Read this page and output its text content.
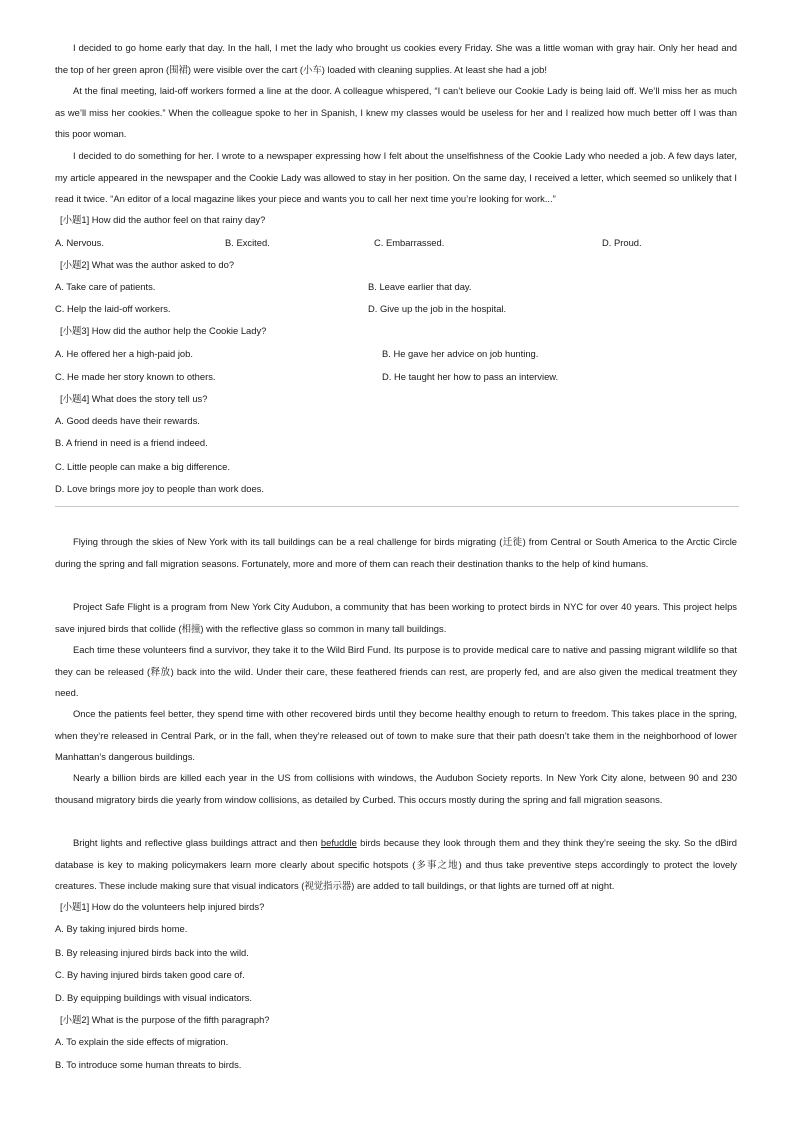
I decided to go home early that day. In the hall, I met the lady who brought us cookies every Friday. She was a little woman with gray hair. Only her head and the top of her green apron (围裙) were visible over the cart (小车) loaded with cleaning supplies. At least she had a job!

At the final meeting, laid-off workers formed a line at the door. A colleague whispered, “I can’t believe our Cookie Lady is being laid off. We’ll miss her as much as we’ll miss her cookies.” When the colleague spoke to her in Spanish, I knew my classes would be useless for her and I realized how much better off I was than this poor woman.

I decided to do something for her. I wrote to a newspaper expressing how I felt about the unselfishness of the Cookie Lady who needed a job. A few days later, my article appeared in the newspaper and the Cookie Lady was allowed to stay in her position. On the same day, I received a letter, which seemed so unlikely that I read it twice. “An editor of a local magazine likes your piece and wants you to call her next time you’re looking for work...”

[小题1] How did the author feel on that rainy day?
A. Nervous.	B. Excited.	C. Embarrassed.	D. Proud.
[小题2] What was the author asked to do?
A. Take care of patients.	B. Leave earlier that day.
C. Help the laid-off workers.	D. Give up the job in the hospital.
[小题3] How did the author help the Cookie Lady?
A. He offered her a high-paid job.	B. He gave her advice on job hunting.
C. He made her story known to others.	D. He taught her how to pass an interview.
[小题4] What does the story tell us?
A. Good deeds have their rewards.
B. A friend in need is a friend indeed.
C. Little people can make a big difference.
D. Love brings more joy to people than work does.

Flying through the skies of New York with its tall buildings can be a real challenge for birds migrating (迁徙) from Central or South America to the Arctic Circle during the spring and fall migration seasons. Fortunately, more and more of them can reach their destination thanks to the help of kind humans.

Project Safe Flight is a program from New York City Audubon, a community that has been working to protect birds in NYC for over 40 years. This project helps save injured birds that collide (相撞) with the reflective glass so common in many tall buildings.

Each time these volunteers find a survivor, they take it to the Wild Bird Fund. Its purpose is to provide medical care to native and passing migrant wildlife so that they can be released (释放) back into the wild. Under their care, these feathered friends can rest, are properly fed, and are also given the medical treatment they need.

Once the patients feel better, they spend time with other recovered birds until they become healthy enough to return to freedom. This takes place in the spring, when they’re released in Central Park, or in the fall, when they’re released out of town to make sure that their path doesn’t take them in the neighborhood of lower Manhattan’s dangerous buildings.

Nearly a billion birds are killed each year in the US from collisions with windows, the Audubon Society reports. In New York City alone, between 90 and 230 thousand migratory birds die yearly from window collisions, as detailed by Curbed. This occurs mostly during the spring and fall migration seasons.

Bright lights and reflective glass buildings attract and then befuddle birds because they look through them and they think they’re seeing the sky. So the dBird database is key to making policymakers learn more clearly about specific hotspots (多事之地) and thus take preventive steps accordingly to protect the lovely creatures. These include making sure that visual indicators (视觉指示器) are added to tall buildings, or that lights are turned off at night.

[小题1] How do the volunteers help injured birds?
A. By taking injured birds home.
B. By releasing injured birds back into the wild.
C. By having injured birds taken good care of.
D. By equipping buildings with visual indicators.
[小题2] What is the purpose of the fifth paragraph?
A. To explain the side effects of migration.
B. To introduce some human threats to birds.
